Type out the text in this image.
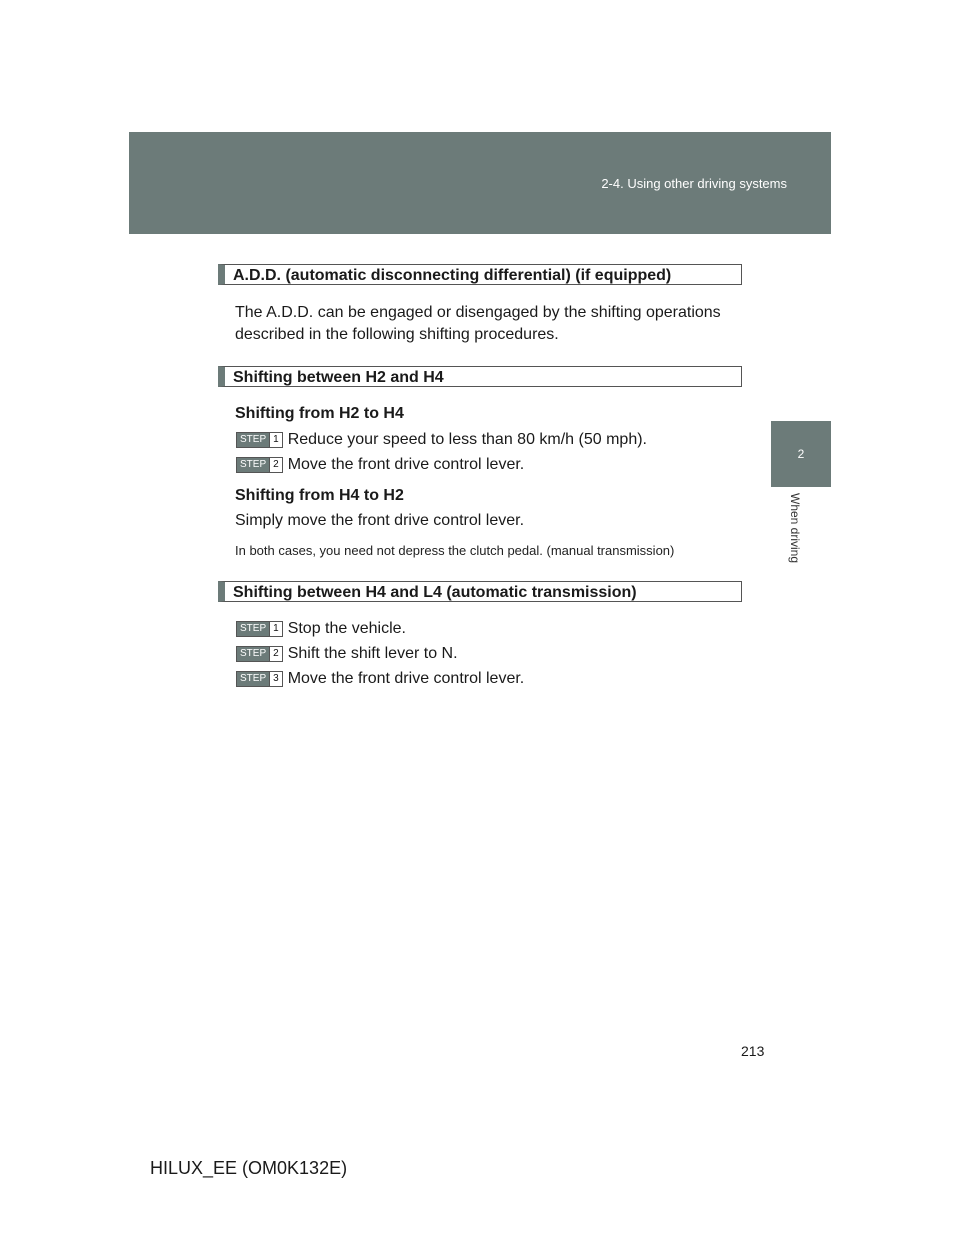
2-4. Using other driving systems
2
When driving
A.D.D. (automatic disconnecting differential) (if equipped)
The A.D.D. can be engaged or disengaged by the shifting operations
described in the following shifting procedures.
Shifting between H2 and H4
Shifting from H2 to H4
STEP 1 Reduce your speed to less than 80 km/h (50 mph).
STEP 2 Move the front drive control lever.
Shifting from H4 to H2
Simply move the front drive control lever.
In both cases, you need not depress the clutch pedal. (manual transmission)
Shifting between H4 and L4 (automatic transmission)
STEP 1 Stop the vehicle.
STEP 2 Shift the shift lever to N.
STEP 3 Move the front drive control lever.
213
HILUX_EE (OM0K132E)
